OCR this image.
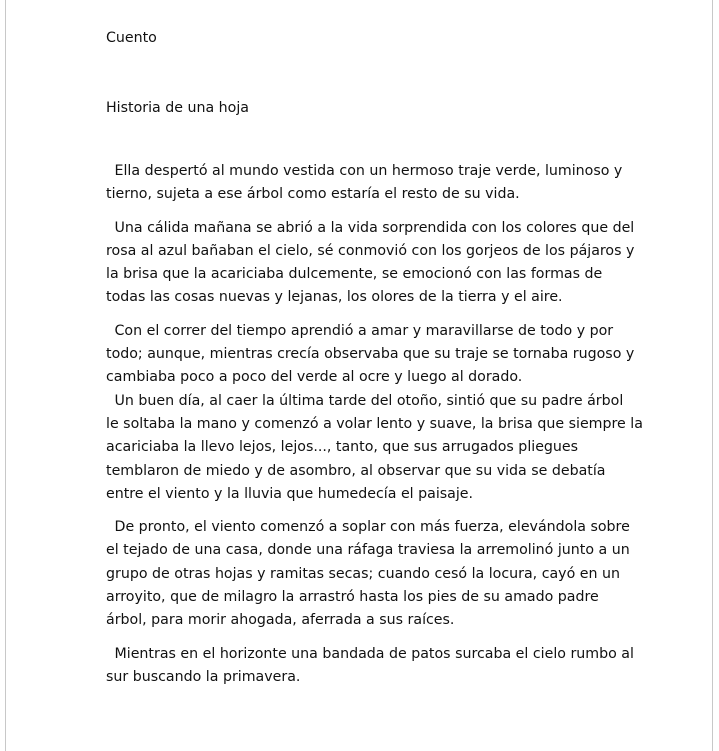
Cuento

Historia de una hoja

Ella despertó al mundo vestida con un hermoso traje verde, luminoso y
tierno, sujeta a ese árbol como estaría el resto de su vida.

Una cálida mañana se abrió a la vida sorprendida con los colores que del
rosa al azul bañaban el cielo, sé conmovió con los gorjeos de los pájaros y
la brisa que la acariciaba dulcemente, se emocionó con las formas de
todas las cosas nuevas y lejanas, los olores de la tierra y el aire.

Con el correr del tiempo aprendió a amar y maravillarse de todo y por
todo; aunque, mientras crecía observaba que su traje se tornaba rugoso y
cambiaba poco a poco del verde al ocre y luego al dorado.

Un buen día, al caer la última tarde del otoño, sintió que su padre árbol
le soltaba la mano y comenzó a volar lento y suave, la brisa que siempre la
acariciaba la llevo lejos, lejos..., tanto, que sus arrugados pliegues
temblaron de miedo y de asombro, al observar que su vida se debatía
entre el viento y la lluvia que humedecía el paisaje.

De pronto, el viento comenzó a soplar con más fuerza, elevándola sobre
el tejado de una casa, donde una ráfaga traviesa la arremolinó junto a un
grupo de otras hojas y ramitas secas; cuando cesó la locura, cayó en un
arroyito, que de milagro la arrastró hasta los pies de su amado padre
árbol, para morir ahogada, aferrada a sus raíces.

Mientras en el horizonte una bandada de patos surcaba el cielo rumbo al
sur buscando la primavera.
